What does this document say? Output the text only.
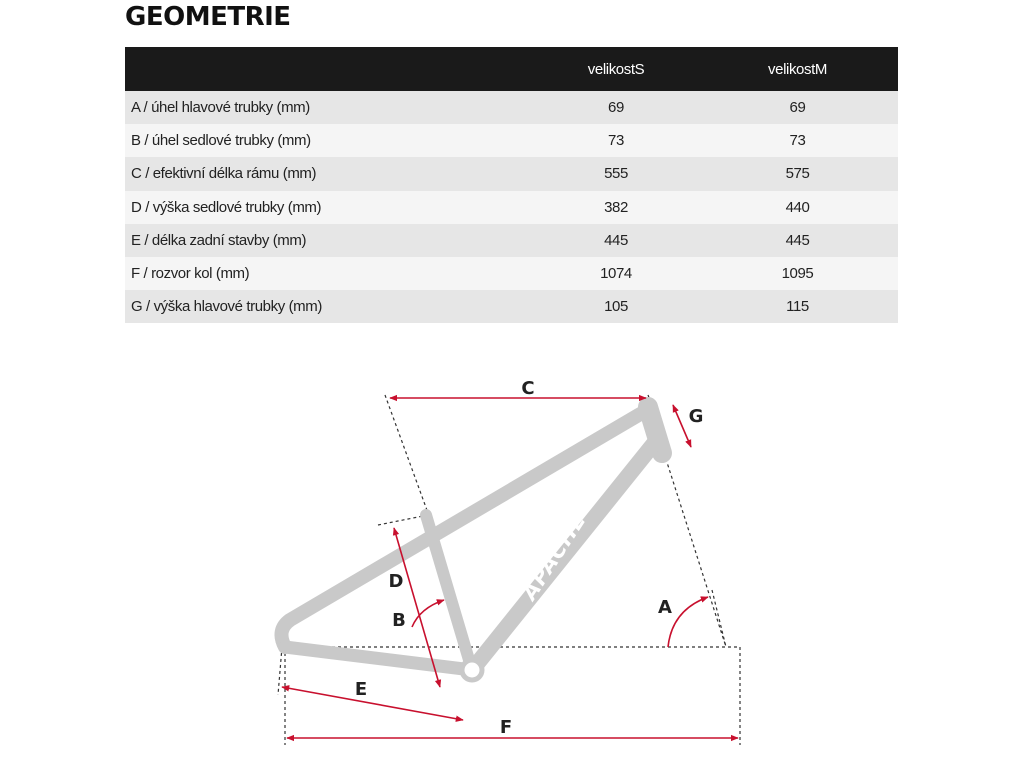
GEOMETRIE
	velikostS	velikostM
A / úhel hlavové trubky (mm)	69	69
B / úhel sedlové trubky (mm)	73	73
C / efektivní délka rámu (mm)	555	575
D / výška sedlové trubky (mm)	382	440
E / délka zadní stavby (mm)	445	445
F / rozvor kol (mm)	1074	1095
G / výška hlavové trubky (mm)	105	115
APACHE
C
G
D
B
A
E
F
